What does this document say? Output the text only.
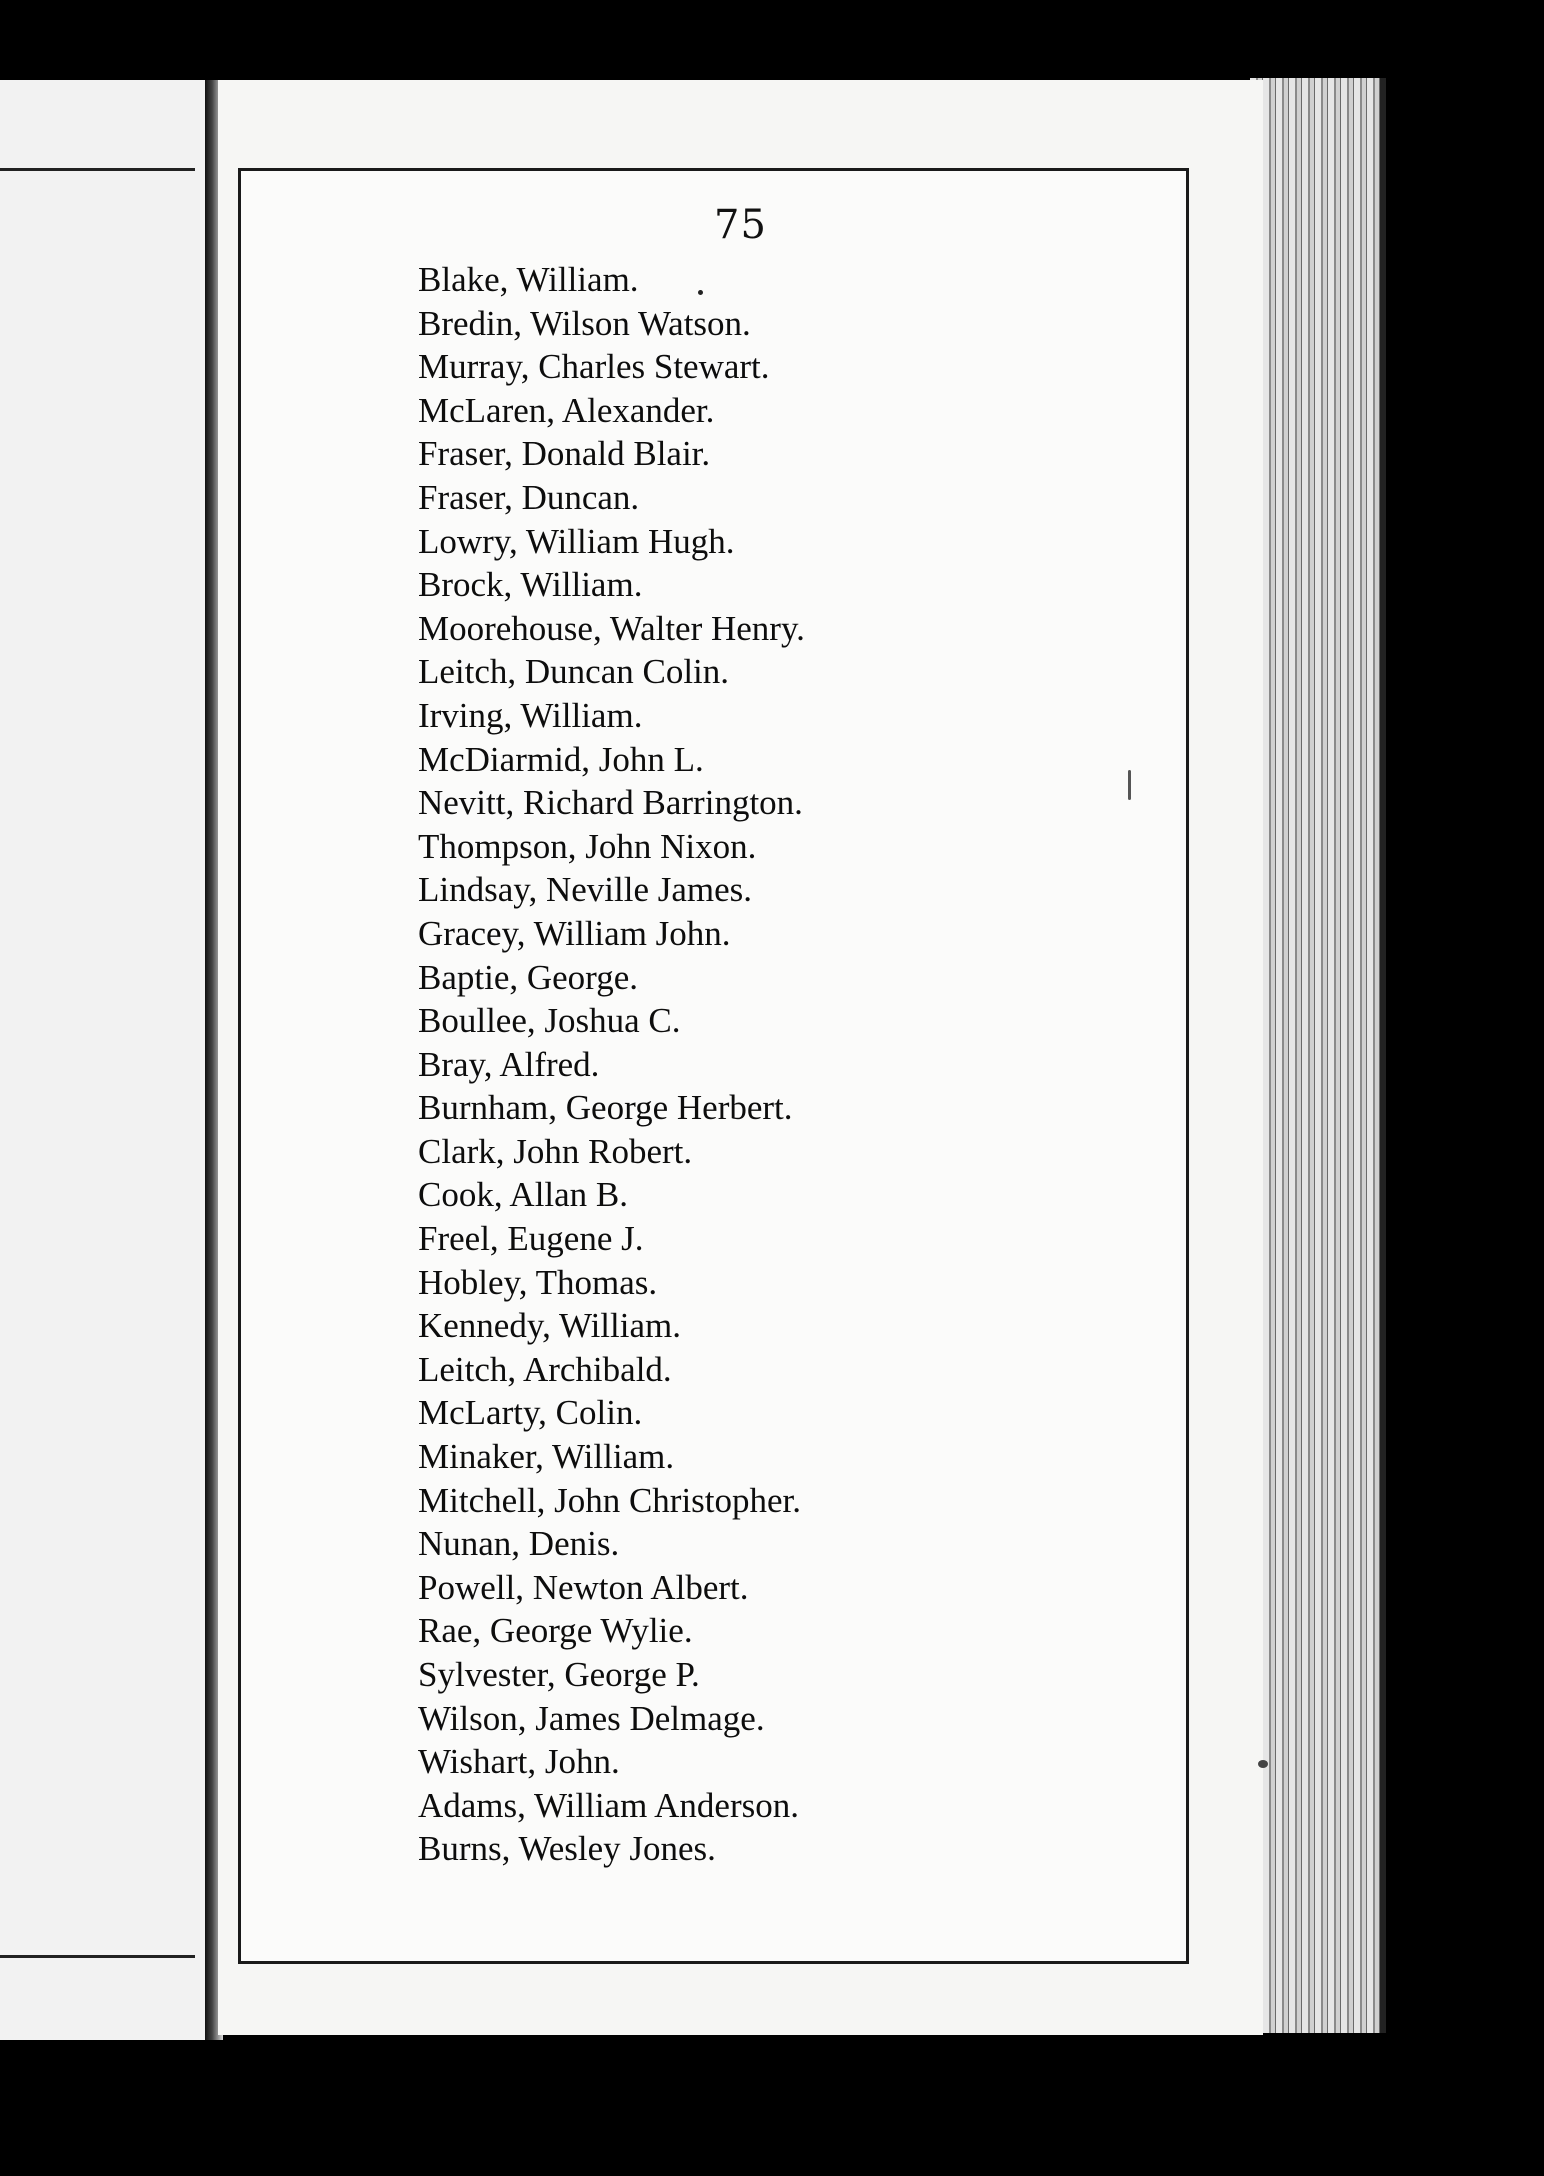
75
Blake, William.
Bredin, Wilson Watson.
Murray, Charles Stewart.
McLaren, Alexander.
Fraser, Donald Blair.
Fraser, Duncan.
Lowry, William Hugh.
Brock, William.
Moorehouse, Walter Henry.
Leitch, Duncan Colin.
Irving, William.
McDiarmid, John L.
Nevitt, Richard Barrington.
Thompson, John Nixon.
Lindsay, Neville James.
Gracey, William John.
Baptie, George.
Boullee, Joshua C.
Bray, Alfred.
Burnham, George Herbert.
Clark, John Robert.
Cook, Allan B.
Freel, Eugene J.
Hobley, Thomas.
Kennedy, William.
Leitch, Archibald.
McLarty, Colin.
Minaker, William.
Mitchell, John Christopher.
Nunan, Denis.
Powell, Newton Albert.
Rae, George Wylie.
Sylvester, George P.
Wilson, James Delmage.
Wishart, John.
Adams, William Anderson.
Burns, Wesley Jones.
